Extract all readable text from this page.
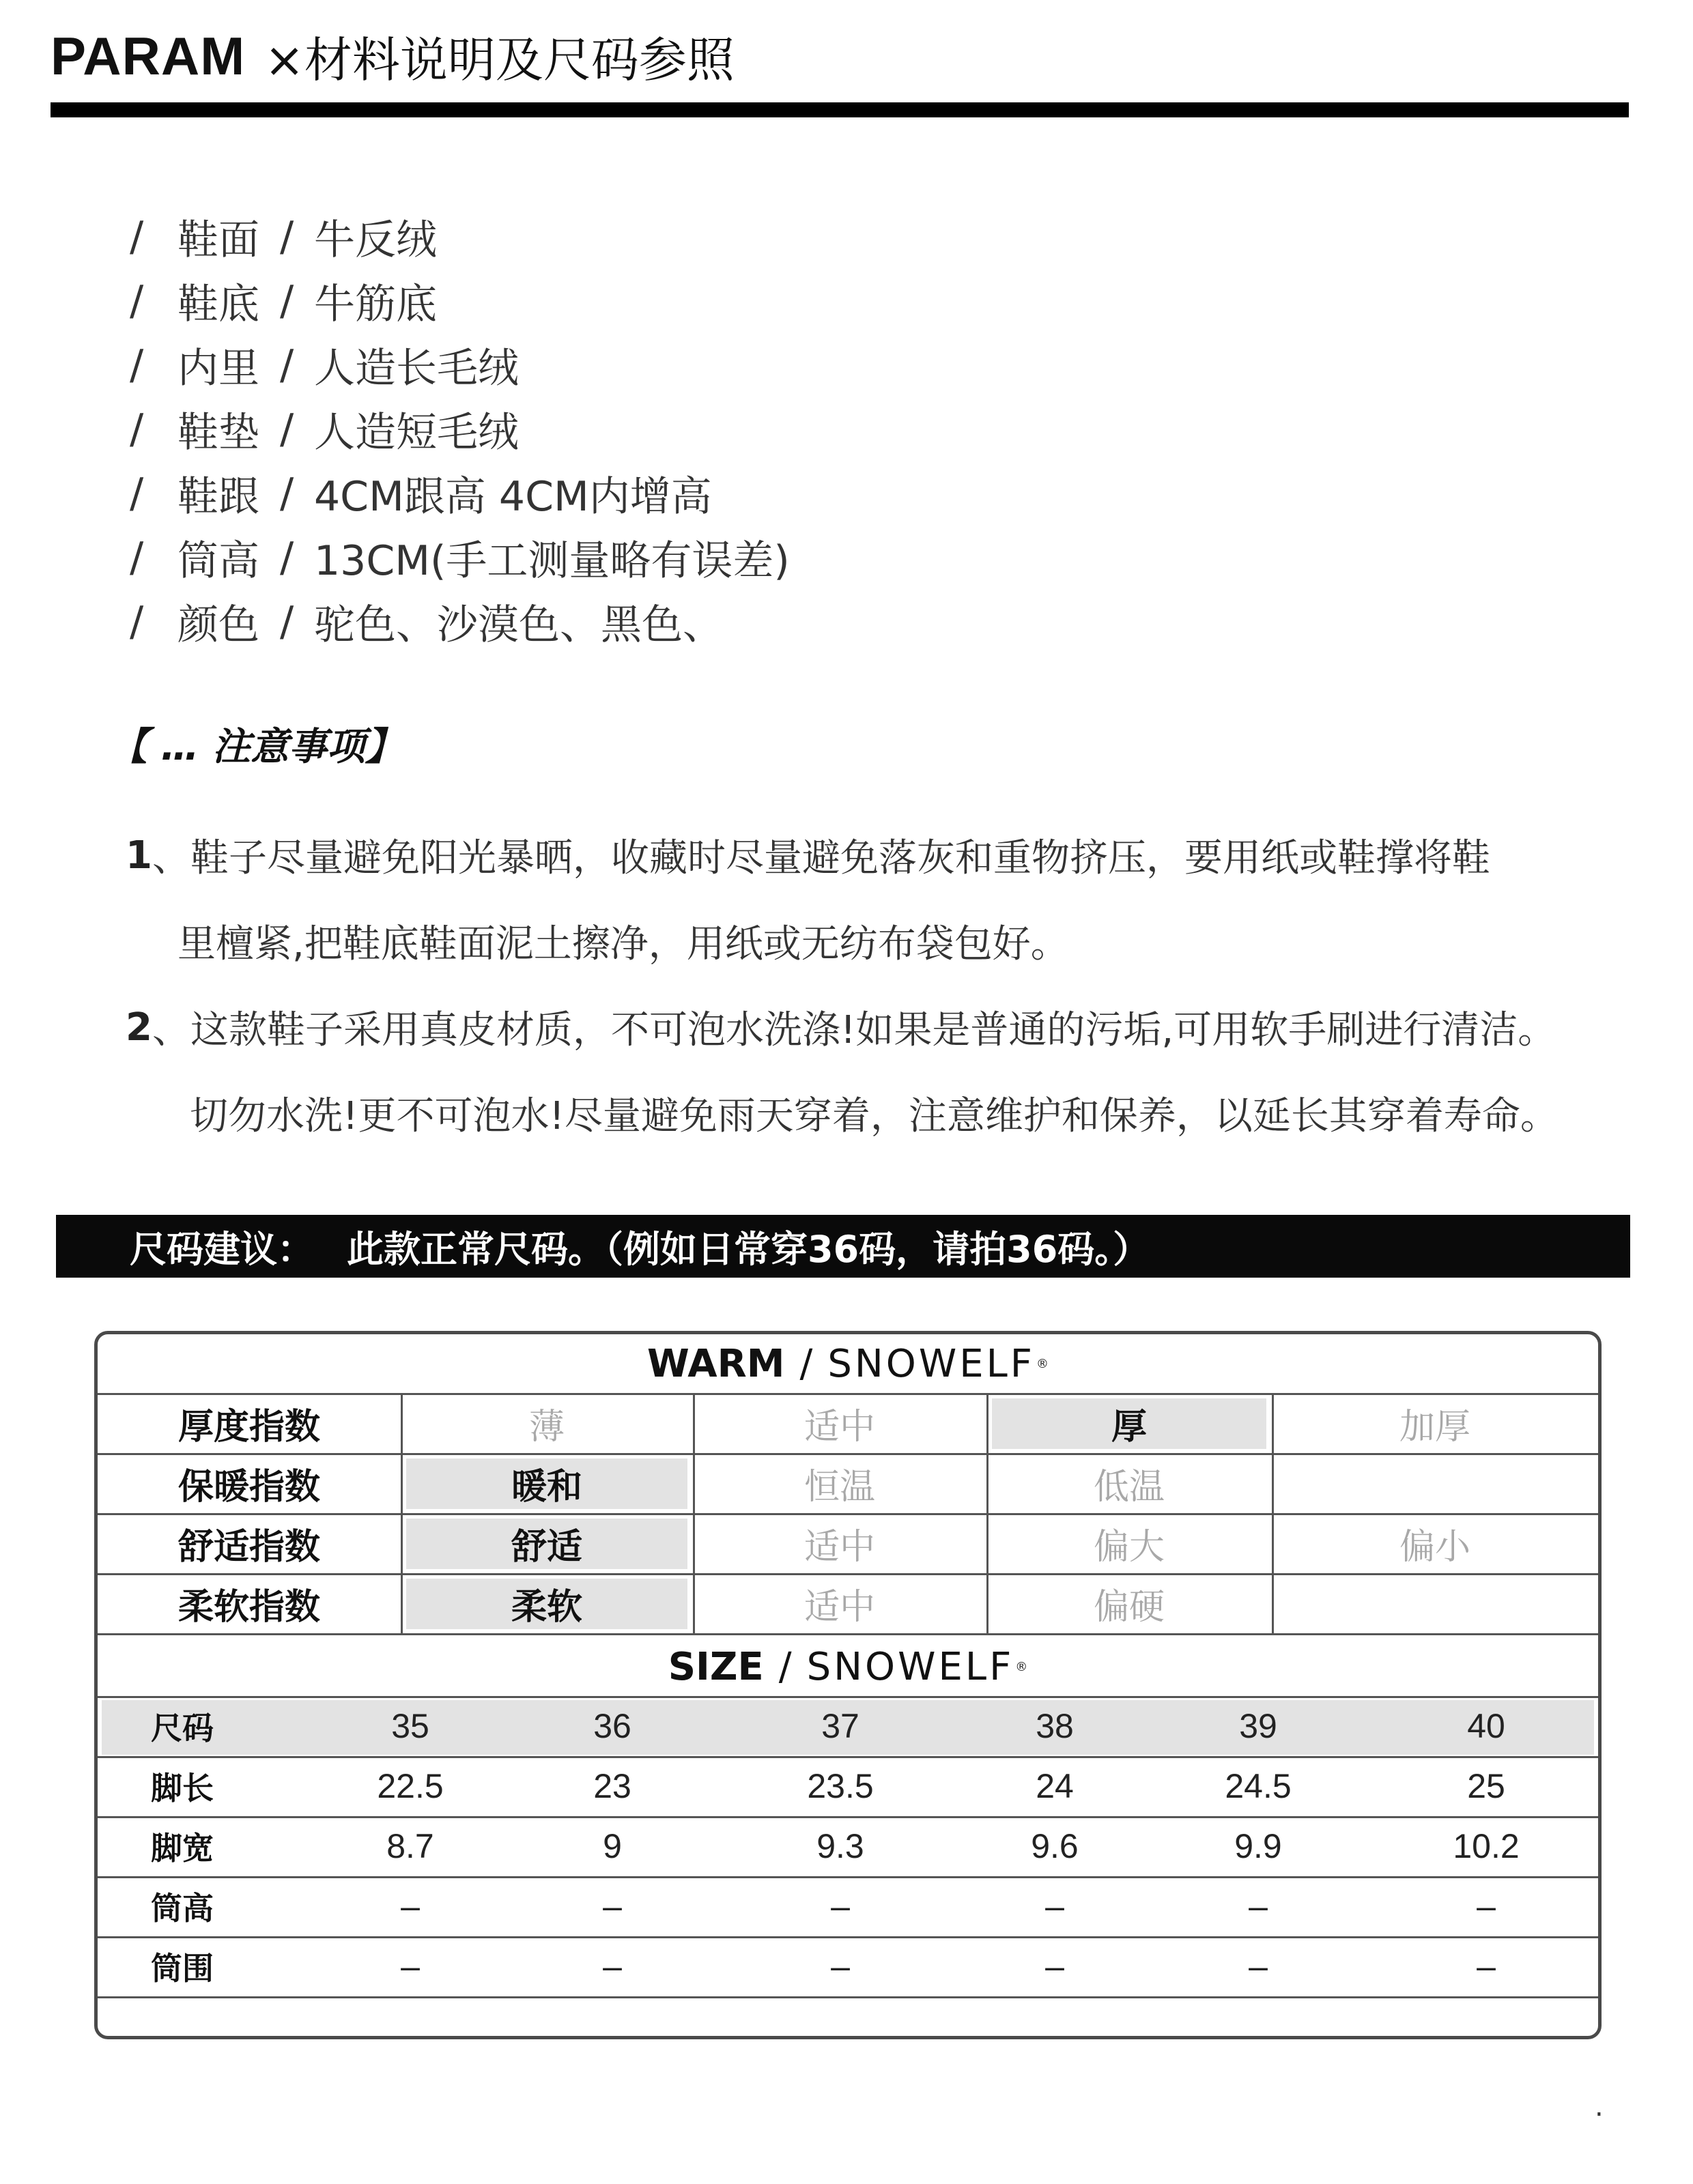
PARAM ×材料说明及尺码参照
/ 鞋面 / 牛反绒
/ 鞋底 / 牛筋底
/ 内里 / 人造长毛绒
/ 鞋垫 / 人造短毛绒
/ 鞋跟 / 4CM跟高 4CM内增高
/ 筒高 / 13CM(手工测量略有误差)
/ 颜色 / 驼色、沙漠色、黑色、
【 … 注意事项】
1 、鞋子尽量避免阳光暴晒，收藏时尽量避免落灰和重物挤压，要用纸或鞋撑将鞋
里檀紧,把鞋底鞋面泥土擦净，用纸或无纺布袋包好。
2 、这款鞋子采用真皮材质，不可泡水洗涤!如果是普通的污垢,可用软手刷进行清洁。
切勿水洗!更不可泡水!尽量避免雨天穿着，注意维护和保养，以延长其穿着寿命。
尺码建议： 此款正常尺码。（例如日常穿36码，请拍36码。）
WARM / SNOWELF ®
SIZE / SNOWELF ®
厚度指数	薄	适中	厚	加厚
保暖指数	暖和	恒温	低温
舒适指数	舒适	适中	偏大	偏小
柔软指数	柔软	适中	偏硬
尺码	35	36	37	38	39	40
脚长	22.5	23	23.5	24	24.5	25
脚宽	8.7	9	9.3	9.6	9.9	10.2
筒高	–	–	–	–	–	–
筒围	–	–	–	–	–	–
.
